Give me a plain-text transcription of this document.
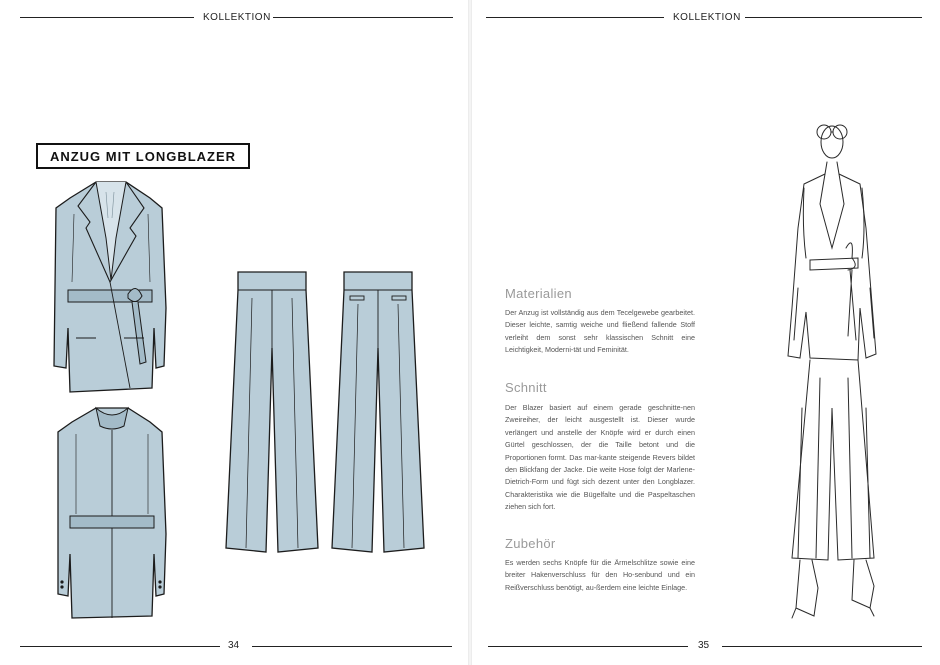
KOLLEKTION
ANZUG MIT LONGBLAZER
34
KOLLEKTION
Materialien
Der Anzug ist vollständig aus dem Tecelgewebe gearbeitet. Dieser leichte, samtig weiche und fließend fallende Stoff verleiht dem sonst sehr klassischen Schnitt eine Leichtigkeit, Moderni-tät und Feminität.
Schnitt
Der Blazer basiert auf einem gerade geschnitte-nen Zweireiher, der leicht ausgestellt ist. Dieser wurde verlängert und anstelle der Knöpfe wird er durch einen Gürtel geschlossen, der die Taille betont und die Proportionen formt. Das mar-kante steigende Revers bildet den Blickfang der Jacke. Die weite Hose folgt der Marlene-Dietrich-Form und fügt sich dezent unter den Longblazer. Charakteristika wie die Bügelfalte und die Paspeltaschen ziehen sich fort.
Zubehör
Es werden sechs Knöpfe für die Ärmelschlitze sowie eine breiter Hakenverschluss für den Ho-senbund und ein Reißverschluss benötigt, au-ßerdem eine leichte Einlage.
35
